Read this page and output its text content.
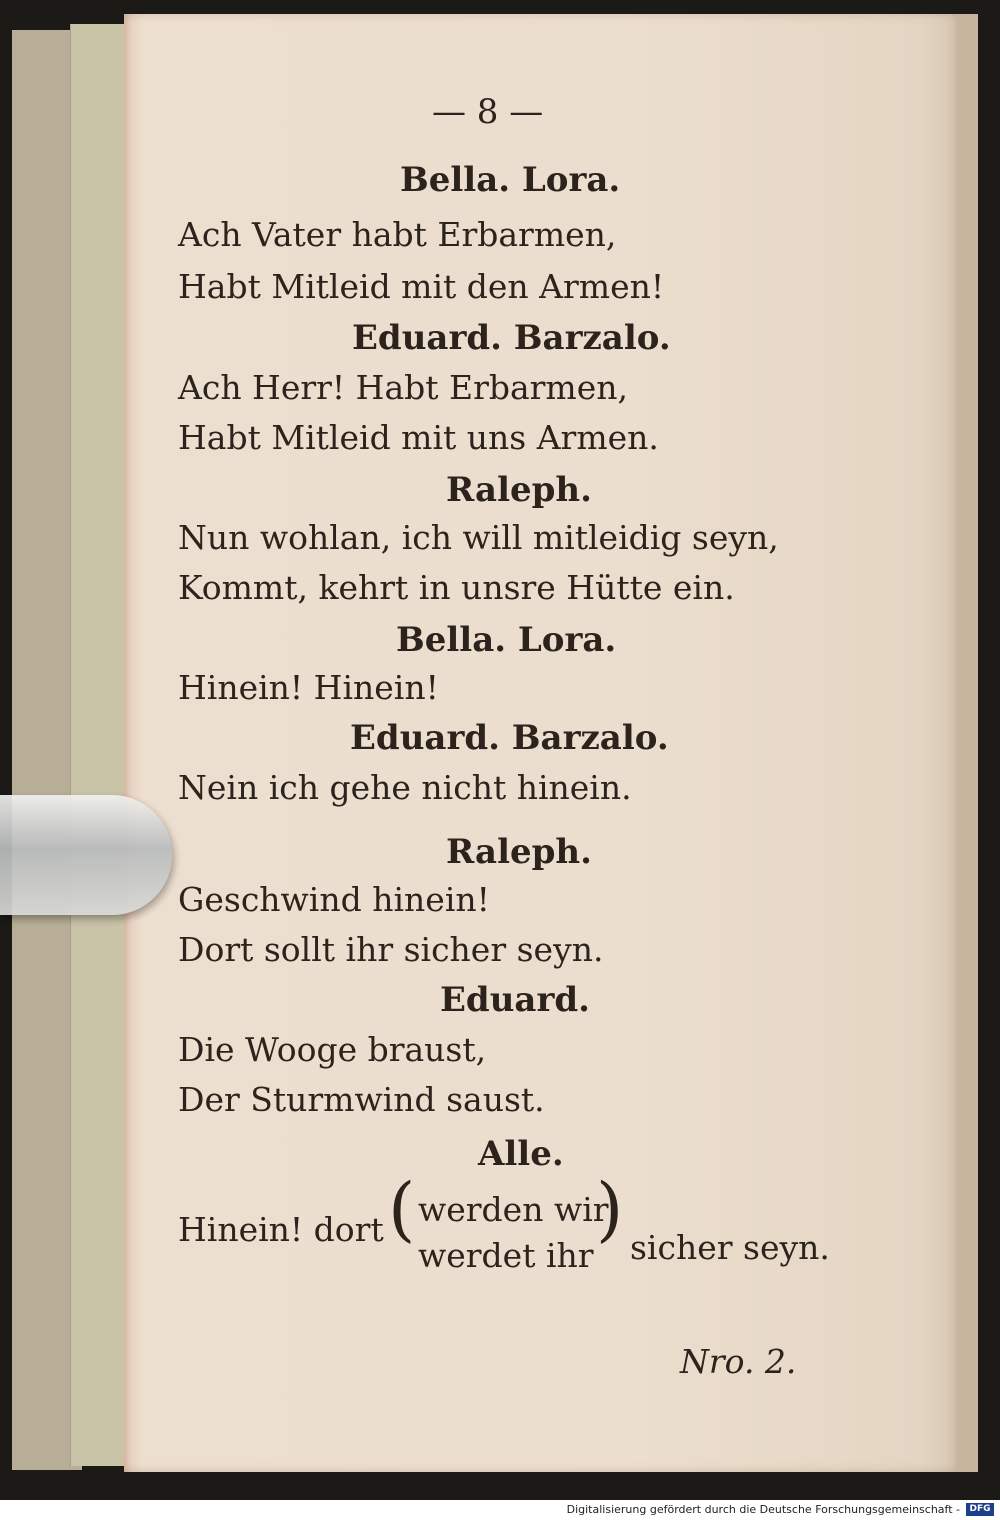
— 8 —
Bella. Lora.
Ach Vater habt Erbarmen,
Habt Mitleid mit den Armen!
Eduard. Barzalo.
Ach Herr! Habt Erbarmen,
Habt Mitleid mit uns Armen.
Raleph.
Nun wohlan, ich will mitleidig seyn,
Kommt, kehrt in unsre Hütte ein.
Bella. Lora.
Hinein! Hinein!
Eduard. Barzalo.
Nein ich gehe nicht hinein.
Raleph.
Geschwind hinein!
Dort sollt ihr sicher seyn.
Eduard.
Die Wooge braust,
Der Sturmwind saust.
Alle.
Hinein! dort ( werden wir
werdet ihr
) sicher seyn.
Nro. 2.
Digitalisierung gefördert durch die Deutsche Forschungsgemeinschaft -	DFG
